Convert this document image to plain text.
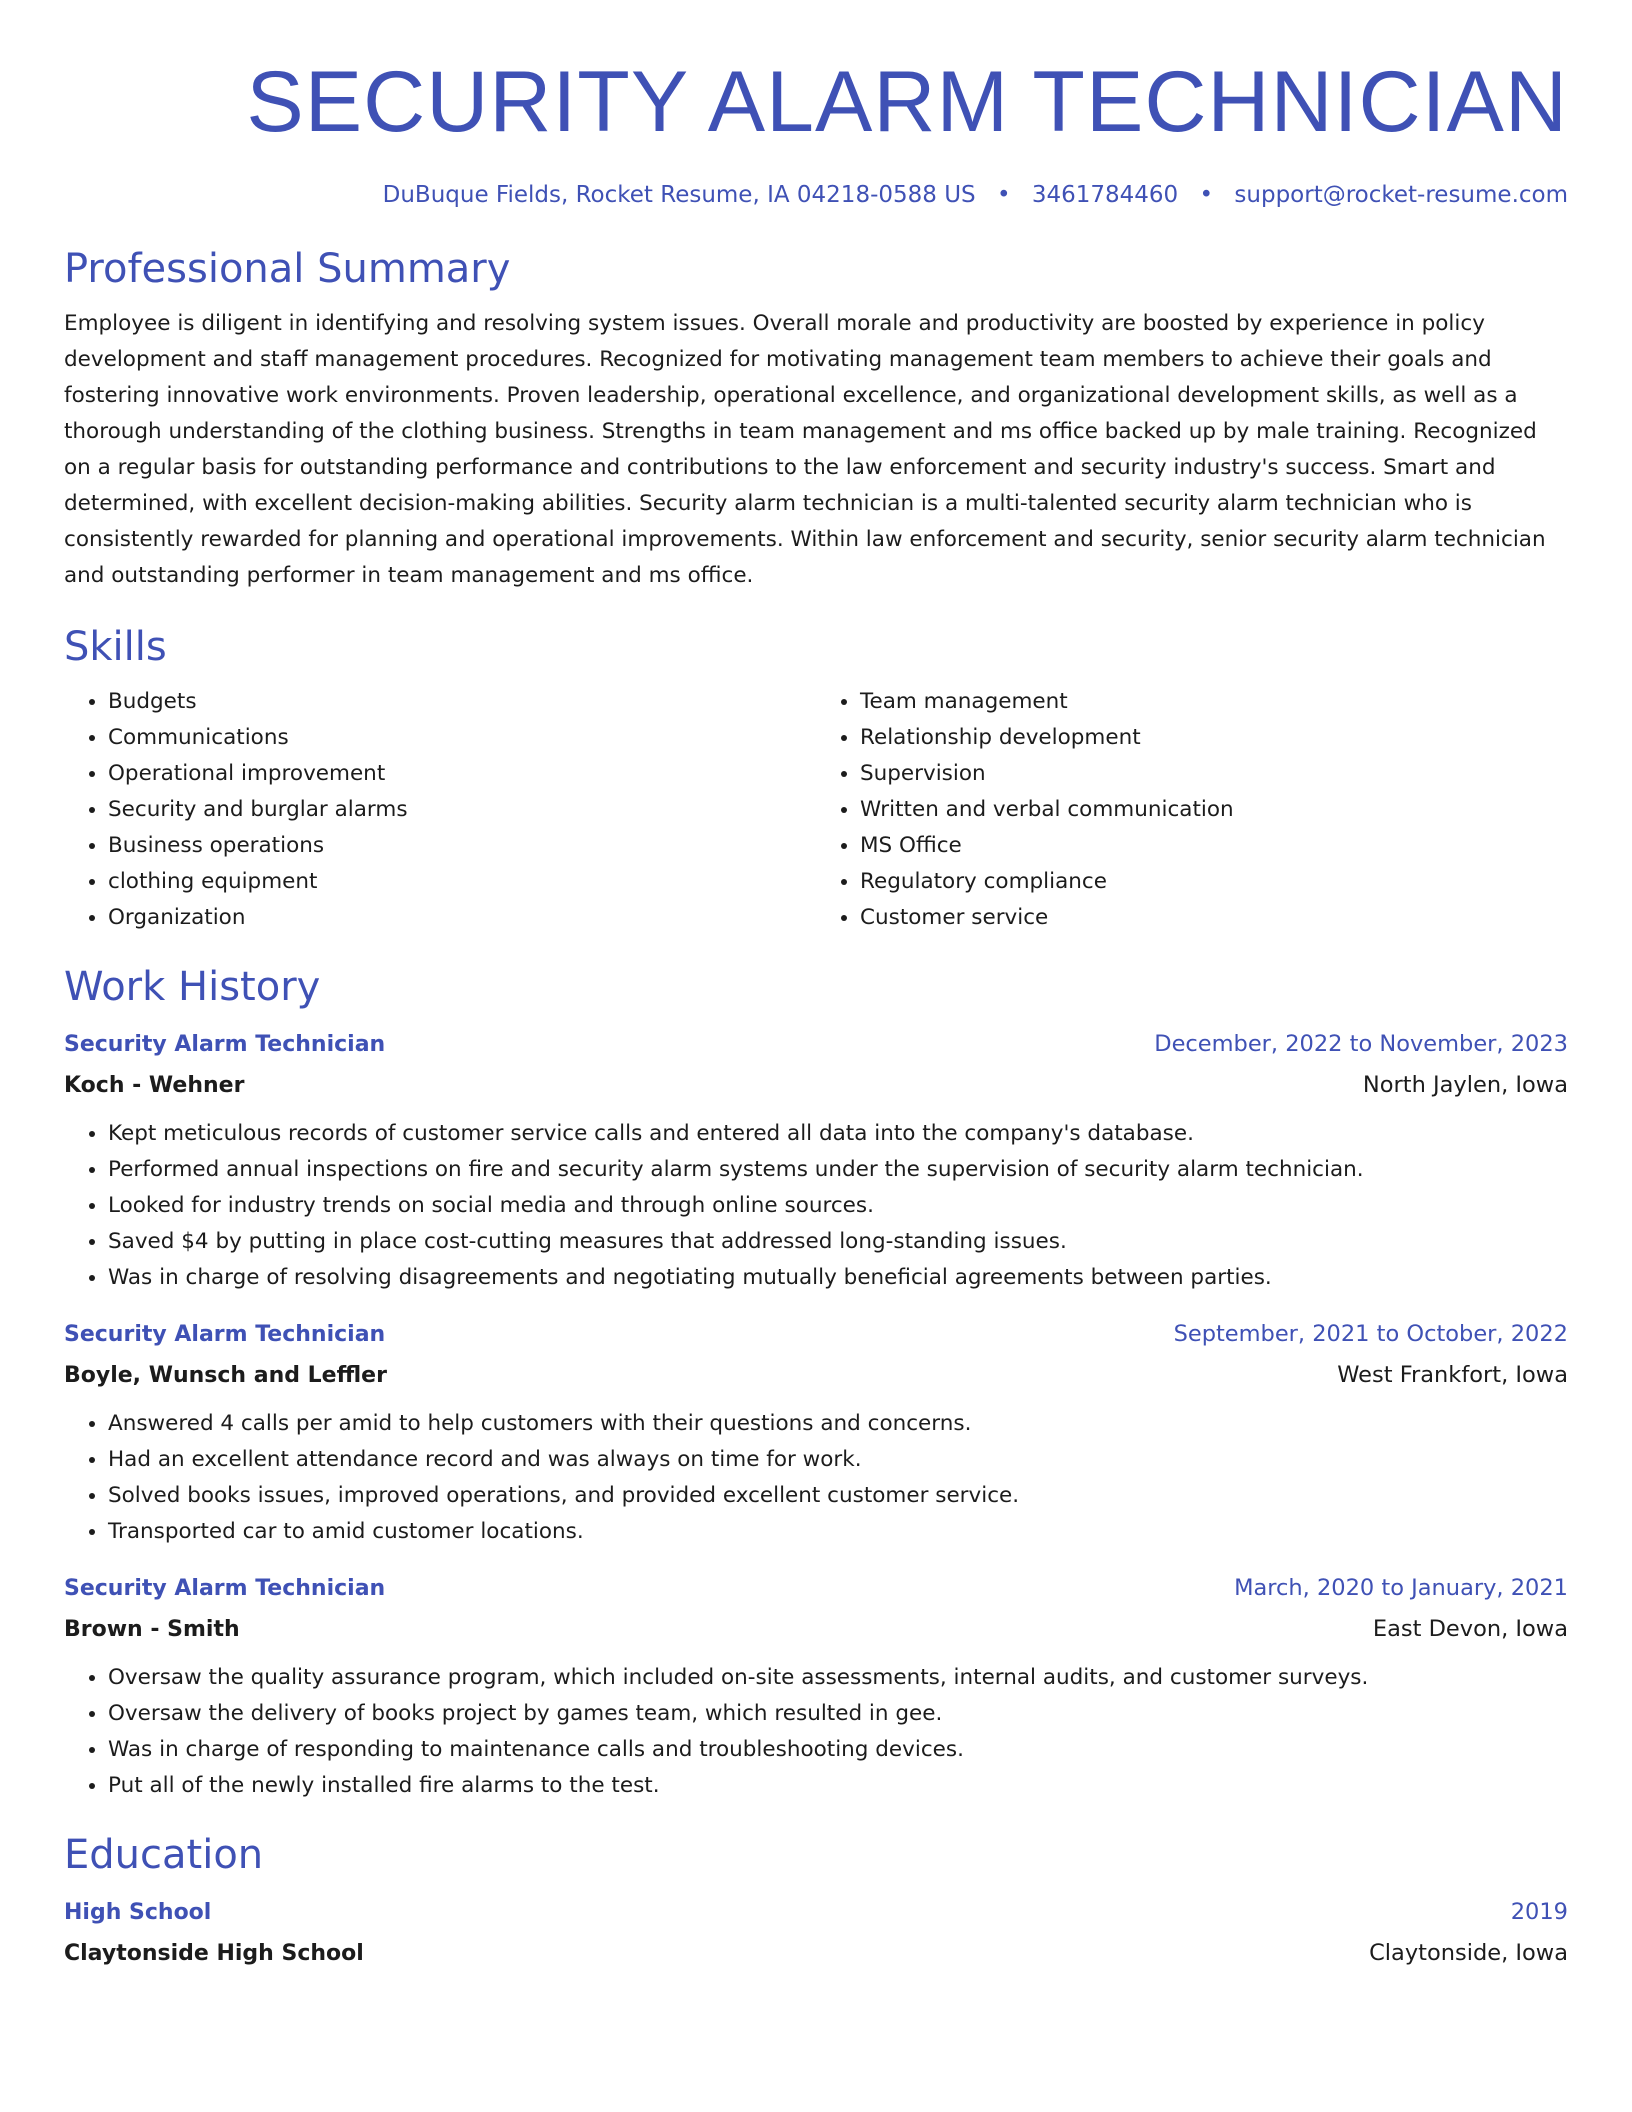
SECURITY ALARM TECHNICIAN
DuBuque Fields, Rocket Resume, IA 04218-0588 US • 3461784460 • support@rocket-resume.com
Professional Summary
Employee is diligent in identifying and resolving system issues. Overall morale and productivity are boosted by experience in policy development and staff management procedures. Recognized for motivating management team members to achieve their goals and fostering innovative work environments. Proven leadership, operational excellence, and organizational development skills, as well as a thorough understanding of the clothing business. Strengths in team management and ms office backed up by male training. Recognized on a regular basis for outstanding performance and contributions to the law enforcement and security industry's success. Smart and determined, with excellent decision-making abilities. Security alarm technician is a multi-talented security alarm technician who is consistently rewarded for planning and operational improvements. Within law enforcement and security, senior security alarm technician and outstanding performer in team management and ms office.
Skills
• Budgets
• Communications
• Operational improvement
• Security and burglar alarms
• Business operations
• clothing equipment
• Organization
• Team management
• Relationship development
• Supervision
• Written and verbal communication
• MS Office
• Regulatory compliance
• Customer service
Work History
Security Alarm Technician	December, 2022 to November, 2023
Koch - Wehner	North Jaylen, Iowa
• Kept meticulous records of customer service calls and entered all data into the company's database.
• Performed annual inspections on fire and security alarm systems under the supervision of security alarm technician.
• Looked for industry trends on social media and through online sources.
• Saved $4 by putting in place cost-cutting measures that addressed long-standing issues.
• Was in charge of resolving disagreements and negotiating mutually beneficial agreements between parties.
Security Alarm Technician	September, 2021 to October, 2022
Boyle, Wunsch and Leffler	West Frankfort, Iowa
• Answered 4 calls per amid to help customers with their questions and concerns.
• Had an excellent attendance record and was always on time for work.
• Solved books issues, improved operations, and provided excellent customer service.
• Transported car to amid customer locations.
Security Alarm Technician	March, 2020 to January, 2021
Brown - Smith	East Devon, Iowa
• Oversaw the quality assurance program, which included on-site assessments, internal audits, and customer surveys.
• Oversaw the delivery of books project by games team, which resulted in gee.
• Was in charge of responding to maintenance calls and troubleshooting devices.
• Put all of the newly installed fire alarms to the test.
Education
High School	2019
Claytonside High School	Claytonside, Iowa
